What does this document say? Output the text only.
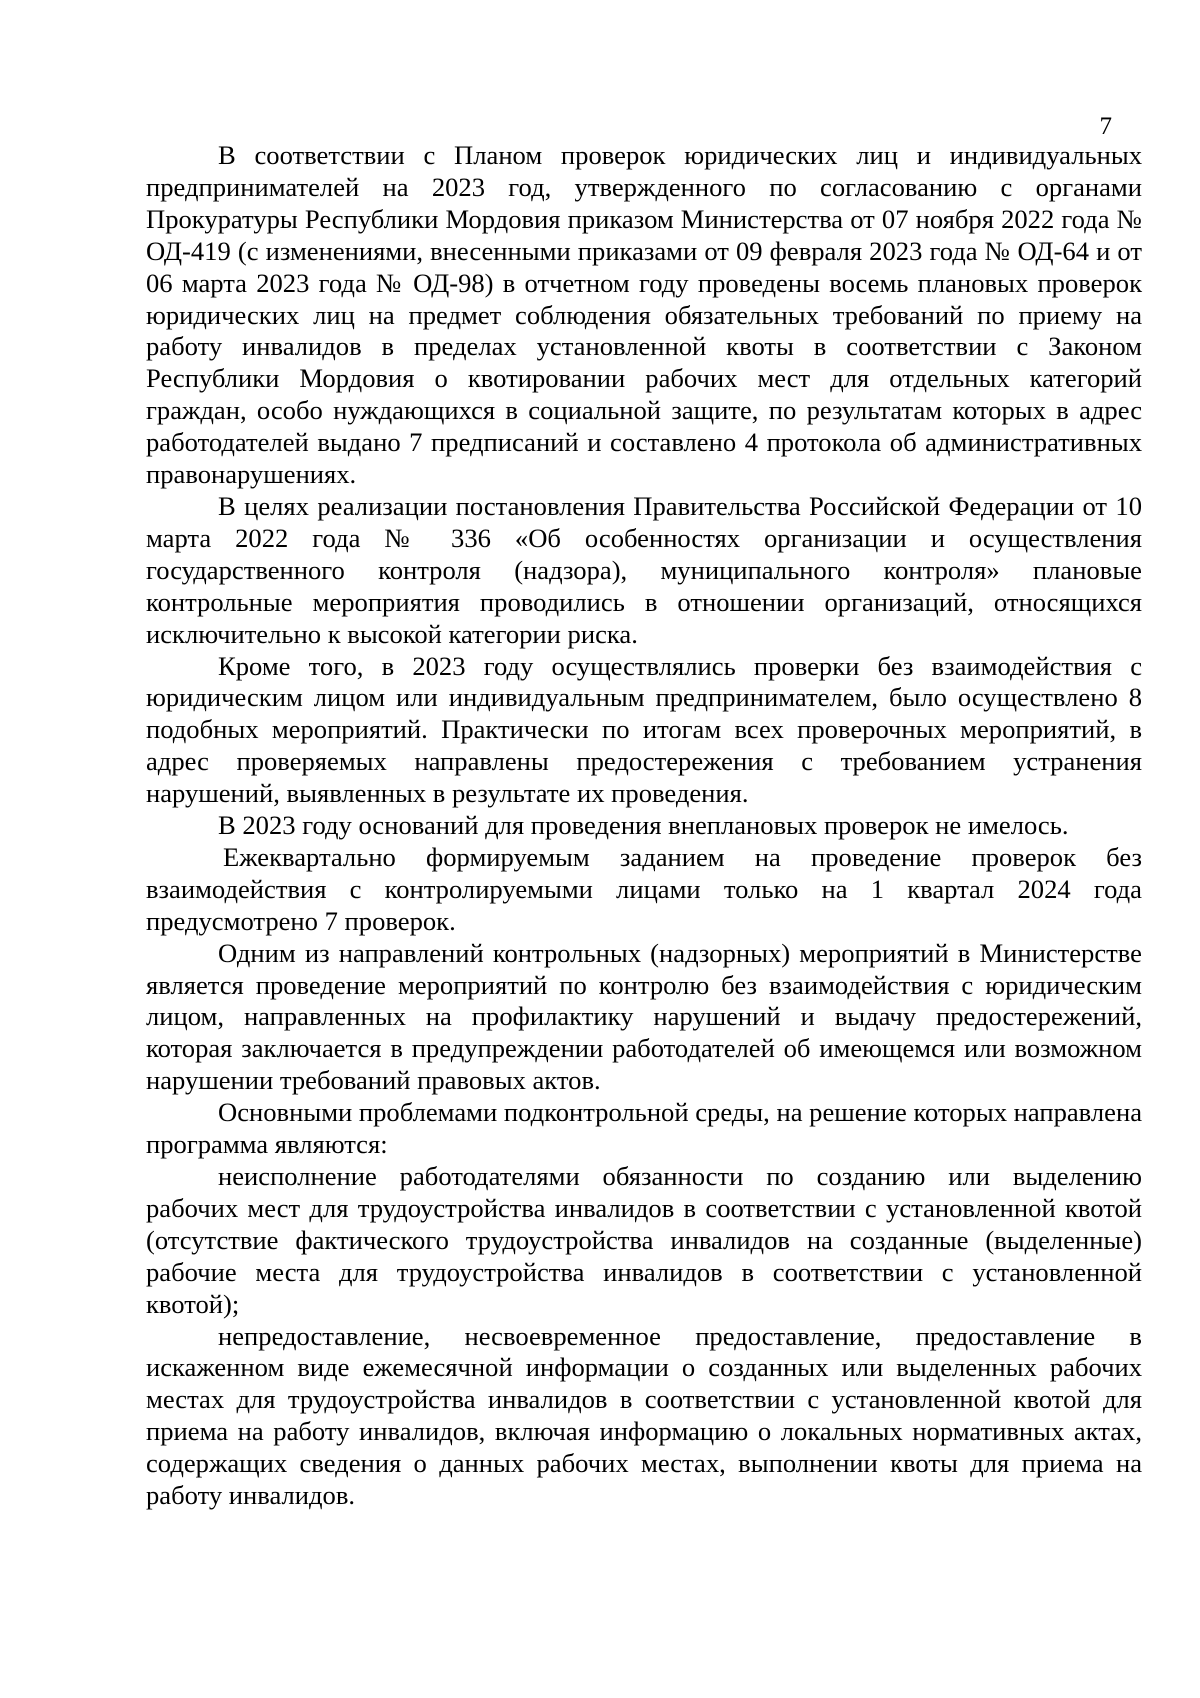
7

В соответствии с Планом проверок юридических лиц и индивидуальных предпринимателей на 2023 год, утвержденного по согласованию с органами Прокуратуры Республики Мордовия приказом Министерства от 07 ноября 2022 года № ОД-419 (с изменениями, внесенными приказами от 09 февраля 2023 года № ОД-64 и от 06 марта 2023 года № ОД-98) в отчетном году проведены восемь плановых проверок юридических лиц на предмет соблюдения обязательных требований по приему на работу инвалидов в пределах установленной квоты в соответствии с Законом Республики Мордовия о квотировании рабочих мест для отдельных категорий граждан, особо нуждающихся в социальной защите, по результатам которых в адрес работодателей выдано 7 предписаний и составлено 4 протокола об административных правонарушениях.

В целях реализации постановления Правительства Российской Федерации от 10 марта 2022 года № 336 «Об особенностях организации и осуществления государственного контроля (надзора), муниципального контроля» плановые контрольные мероприятия проводились в отношении организаций, относящихся исключительно к высокой категории риска.

Кроме того, в 2023 году осуществлялись проверки без взаимодействия с юридическим лицом или индивидуальным предпринимателем, было осуществлено 8 подобных мероприятий. Практически по итогам всех проверочных мероприятий, в адрес проверяемых направлены предостережения с требованием устранения нарушений, выявленных в результате их проведения.

В 2023 году оснований для проведения внеплановых проверок не имелось.

Ежеквартально формируемым заданием на проведение проверок без взаимодействия с контролируемыми лицами только на 1 квартал 2024 года предусмотрено 7 проверок.

Одним из направлений контрольных (надзорных) мероприятий в Министерстве является проведение мероприятий по контролю без взаимодействия с юридическим лицом, направленных на профилактику нарушений и выдачу предостережений, которая заключается в предупреждении работодателей об имеющемся или возможном нарушении требований правовых актов.

Основными проблемами подконтрольной среды, на решение которых направлена программа являются:

неисполнение работодателями обязанности по созданию или выделению рабочих мест для трудоустройства инвалидов в соответствии с установленной квотой (отсутствие фактического трудоустройства инвалидов на созданные (выделенные) рабочие места для трудоустройства инвалидов в соответствии с установленной квотой);

непредоставление, несвоевременное предоставление, предоставление в искаженном виде ежемесячной информации о созданных или выделенных рабочих местах для трудоустройства инвалидов в соответствии с установленной квотой для приема на работу инвалидов, включая информацию о локальных нормативных актах, содержащих сведения о данных рабочих местах, выполнении квоты для приема на работу инвалидов.
